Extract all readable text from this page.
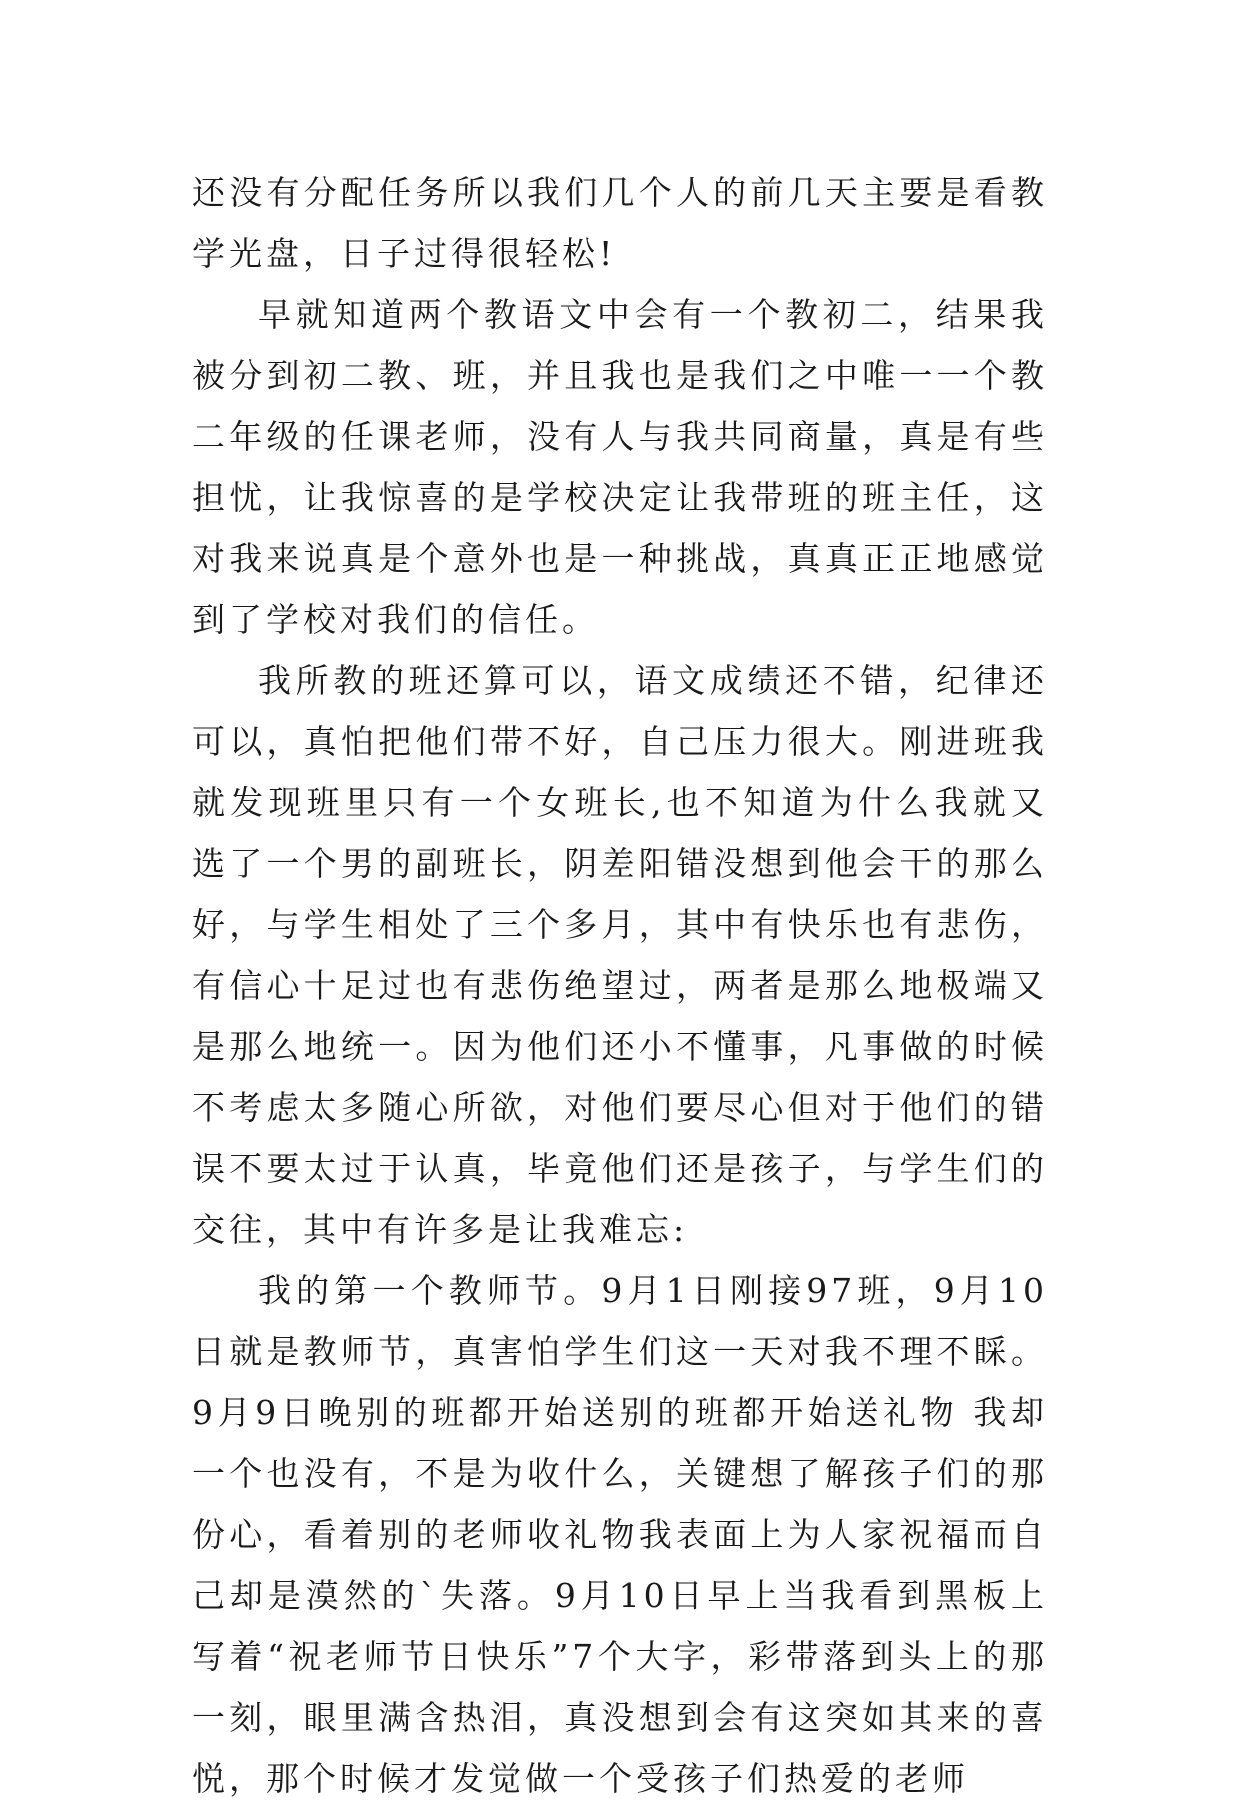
还没有分配任务所以我们几个人的前几天主要是看教学光盘，日子过得很轻松!

早就知道两个教语文中会有一个教初二，结果我被分到初二教、班，并且我也是我们之中唯一一个教二年级的任课老师，没有人与我共同商量，真是有些担忧，让我惊喜的是学校决定让我带班的班主任，这对我来说真是个意外也是一种挑战，真真正正地感觉到了学校对我们的信任。

我所教的班还算可以，语文成绩还不错，纪律还可以，真怕把他们带不好，自己压力很大。刚进班我就发现班里只有一个女班长,也不知道为什么我就又选了一个男的副班长，阴差阳错没想到他会干的那么好，与学生相处了三个多月，其中有快乐也有悲伤，有信心十足过也有悲伤绝望过，两者是那么地极端又是那么地统一。因为他们还小不懂事，凡事做的时候不考虑太多随心所欲，对他们要尽心但对于他们的错误不要太过于认真，毕竟他们还是孩子，与学生们的交往，其中有许多是让我难忘:

我的第一个教师节。9月1日刚接97班，9月10日就是教师节，真害怕学生们这一天对我不理不睬。9月9日晚别的班都开始送别的班都开始送礼物 我却一个也没有，不是为收什么，关键想了解孩子们的那份心，看着别的老师收礼物我表面上为人家祝福而自己却是漠然的`失落。9月10日早上当我看到黑板上写着“祝老师节日快乐”7个大字，彩带落到头上的那一刻，眼里满含热泪，真没想到会有这突如其来的喜悦，那个时候才发觉做一个受孩子们热爱的老师
